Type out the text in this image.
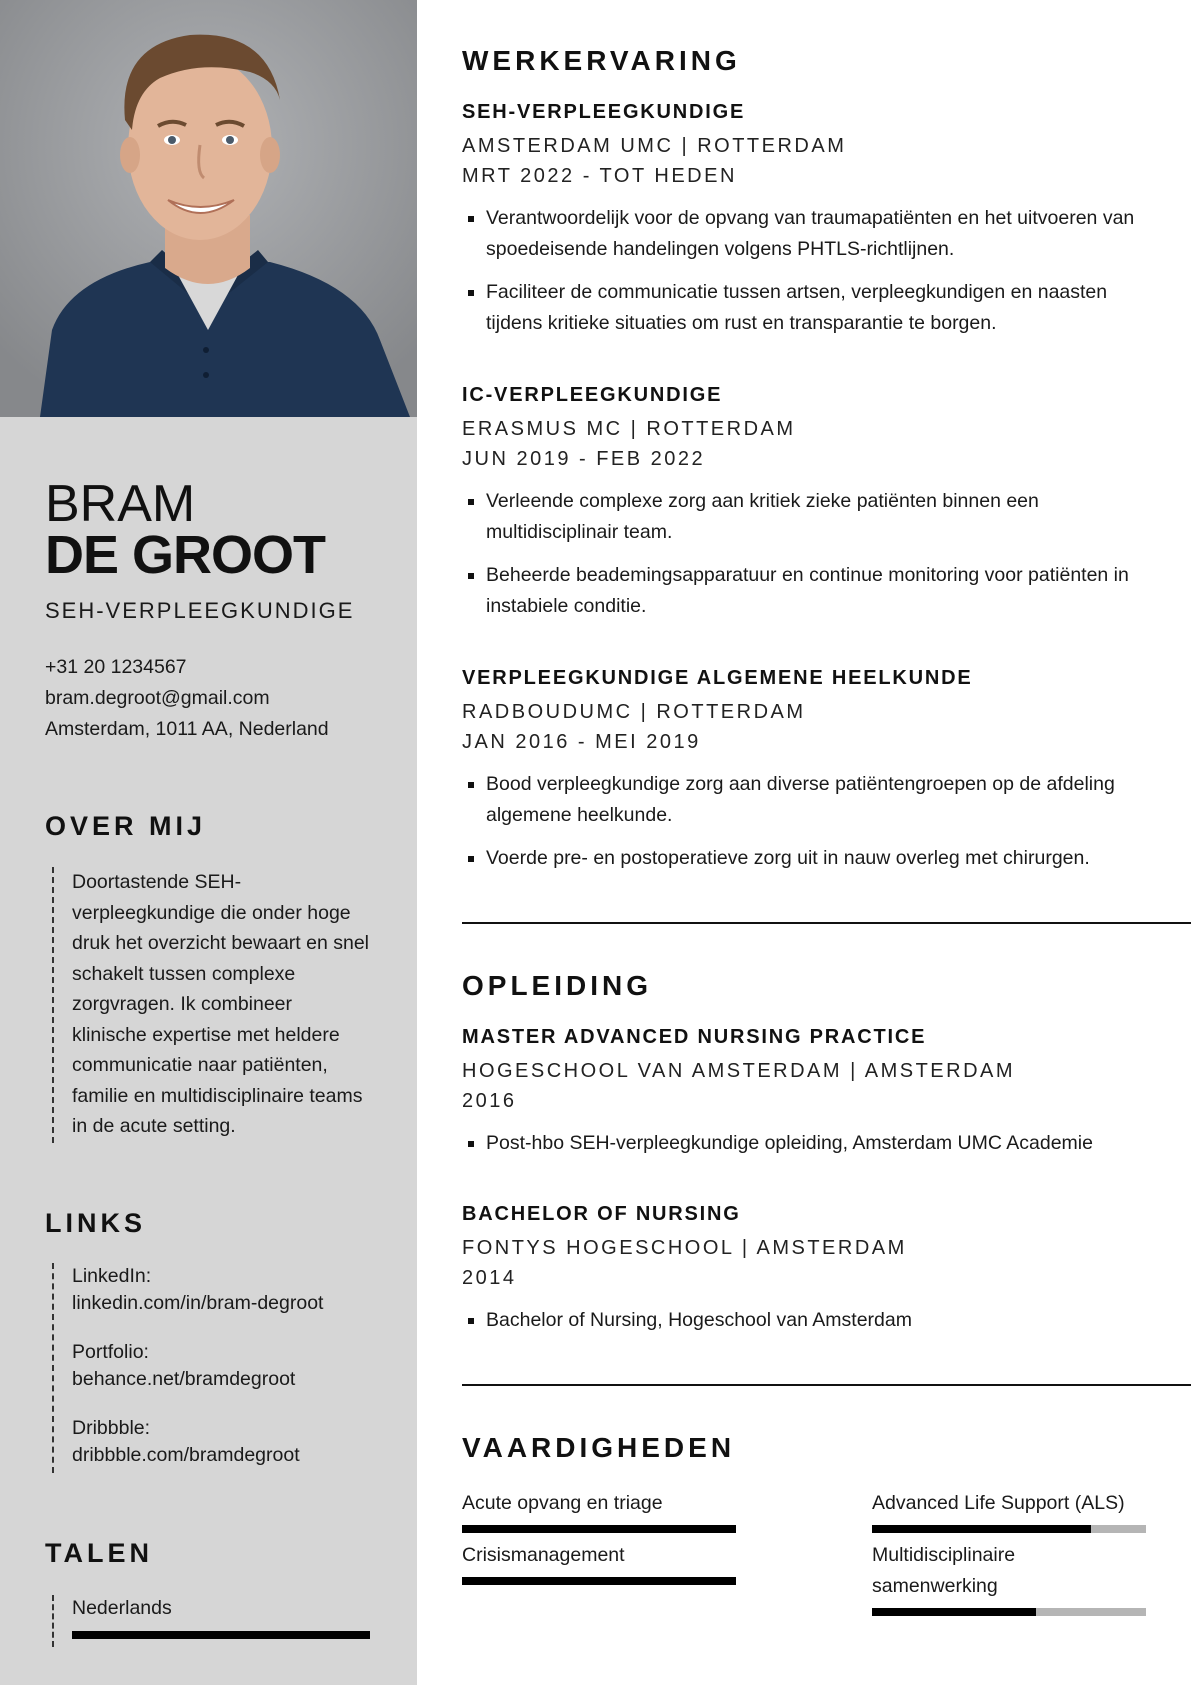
BRAM
DE GROOT
SEH-VERPLEEGKUNDIGE
+31 20 1234567
bram.degroot@gmail.com
Amsterdam, 1011 AA, Nederland
OVER MIJ
Doortastende SEH-verpleegkundige die onder hoge druk het overzicht bewaart en snel schakelt tussen complexe zorgvragen. Ik combineer klinische expertise met heldere communicatie naar patiënten, familie en multidisciplinaire teams in de acute setting.
LINKS
LinkedIn:
linkedin.com/in/bram-degroot
Portfolio:
behance.net/bramdegroot
Dribbble:
dribbble.com/bramdegroot
TALEN
Nederlands
WERKERVARING
SEH-VERPLEEGKUNDIGE
AMSTERDAM UMC | ROTTERDAM
MRT 2022 - TOT HEDEN
Verantwoordelijk voor de opvang van traumapatiënten en het uitvoeren van spoedeisende handelingen volgens PHTLS-richtlijnen.
Faciliteer de communicatie tussen artsen, verpleegkundigen en naasten tijdens kritieke situaties om rust en transparantie te borgen.
IC-VERPLEEGKUNDIGE
ERASMUS MC | ROTTERDAM
JUN 2019 - FEB 2022
Verleende complexe zorg aan kritiek zieke patiënten binnen een multidisciplinair team.
Beheerde beademingsapparatuur en continue monitoring voor patiënten in instabiele conditie.
VERPLEEGKUNDIGE ALGEMENE HEELKUNDE
RADBOUDUMC | ROTTERDAM
JAN 2016 - MEI 2019
Bood verpleegkundige zorg aan diverse patiëntengroepen op de afdeling algemene heelkunde.
Voerde pre- en postoperatieve zorg uit in nauw overleg met chirurgen.
OPLEIDING
MASTER ADVANCED NURSING PRACTICE
HOGESCHOOL VAN AMSTERDAM | AMSTERDAM
2016
Post-hbo SEH-verpleegkundige opleiding, Amsterdam UMC Academie
BACHELOR OF NURSING
FONTYS HOGESCHOOL | AMSTERDAM
2014
Bachelor of Nursing, Hogeschool van Amsterdam
VAARDIGHEDEN
Acute opvang en triage	Advanced Life Support (ALS)
Crisismanagement	Multidisciplinaire samenwerking
